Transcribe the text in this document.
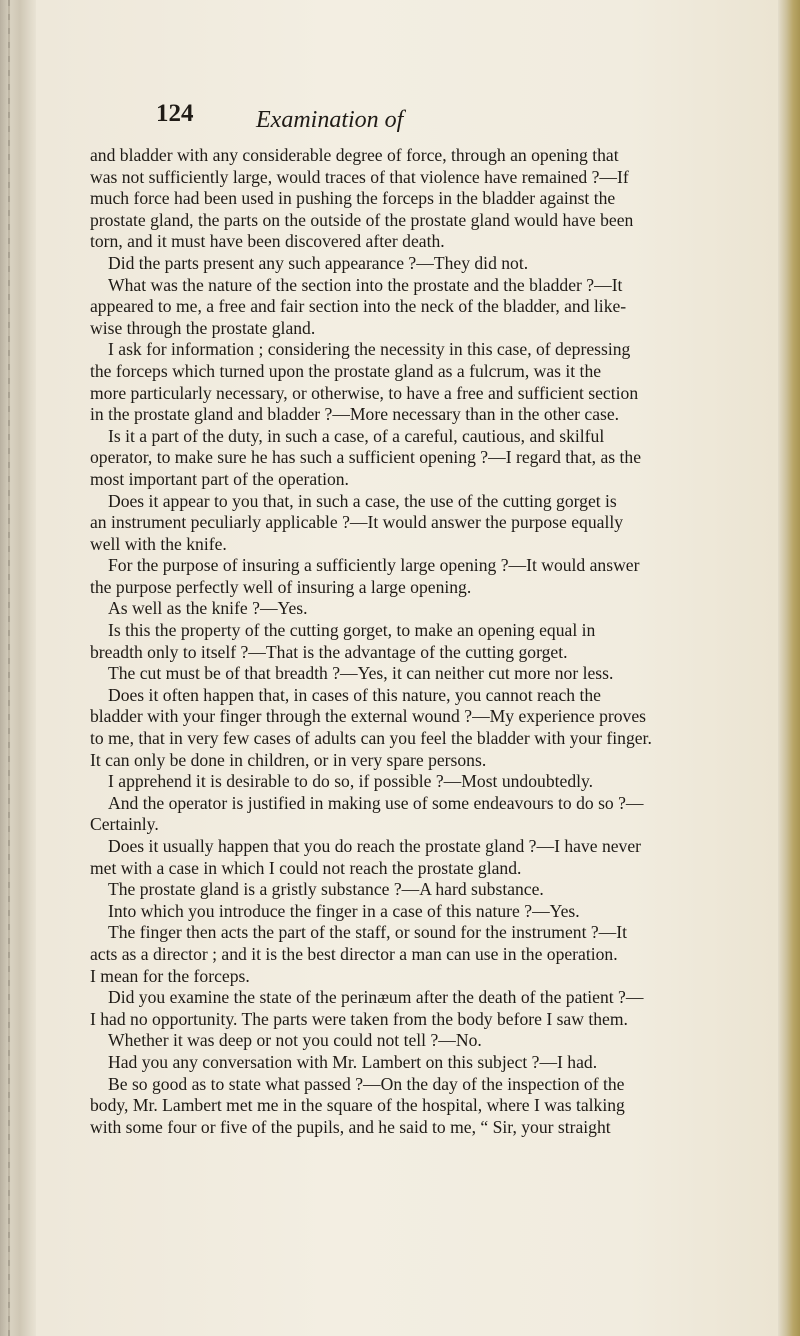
124	Examination of
and bladder with any considerable degree of force, through an opening that
was not sufficiently large, would traces of that violence have remained ?—If
much force had been used in pushing the forceps in the bladder against the
prostate gland, the parts on the outside of the prostate gland would have been
torn, and it must have been discovered after death.
Did the parts present any such appearance ?—They did not.
What was the nature of the section into the prostate and the bladder ?—It
appeared to me, a free and fair section into the neck of the bladder, and like-
wise through the prostate gland.
I ask for information ; considering the necessity in this case, of depressing
the forceps which turned upon the prostate gland as a fulcrum, was it the
more particularly necessary, or otherwise, to have a free and sufficient section
in the prostate gland and bladder ?—More necessary than in the other case.
Is it a part of the duty, in such a case, of a careful, cautious, and skilful
operator, to make sure he has such a sufficient opening ?—I regard that, as the
most important part of the operation.
Does it appear to you that, in such a case, the use of the cutting gorget is
an instrument peculiarly applicable ?—It would answer the purpose equally
well with the knife.
For the purpose of insuring a sufficiently large opening ?—It would answer
the purpose perfectly well of insuring a large opening.
As well as the knife ?—Yes.
Is this the property of the cutting gorget, to make an opening equal in
breadth only to itself ?—That is the advantage of the cutting gorget.
The cut must be of that breadth ?—Yes, it can neither cut more nor less.
Does it often happen that, in cases of this nature, you cannot reach the
bladder with your finger through the external wound ?—My experience proves
to me, that in very few cases of adults can you feel the bladder with your finger.
It can only be done in children, or in very spare persons.
I apprehend it is desirable to do so, if possible ?—Most undoubtedly.
And the operator is justified in making use of some endeavours to do so ?—
Certainly.
Does it usually happen that you do reach the prostate gland ?—I have never
met with a case in which I could not reach the prostate gland.
The prostate gland is a gristly substance ?—A hard substance.
Into which you introduce the finger in a case of this nature ?—Yes.
The finger then acts the part of the staff, or sound for the instrument ?—It
acts as a director ; and it is the best director a man can use in the operation.
I mean for the forceps.
Did you examine the state of the perinæum after the death of the patient ?—
I had no opportunity. The parts were taken from the body before I saw them.
Whether it was deep or not you could not tell ?—No.
Had you any conversation with Mr. Lambert on this subject ?—I had.
Be so good as to state what passed ?—On the day of the inspection of the
body, Mr. Lambert met me in the square of the hospital, where I was talking
with some four or five of the pupils, and he said to me, “ Sir, your straight
